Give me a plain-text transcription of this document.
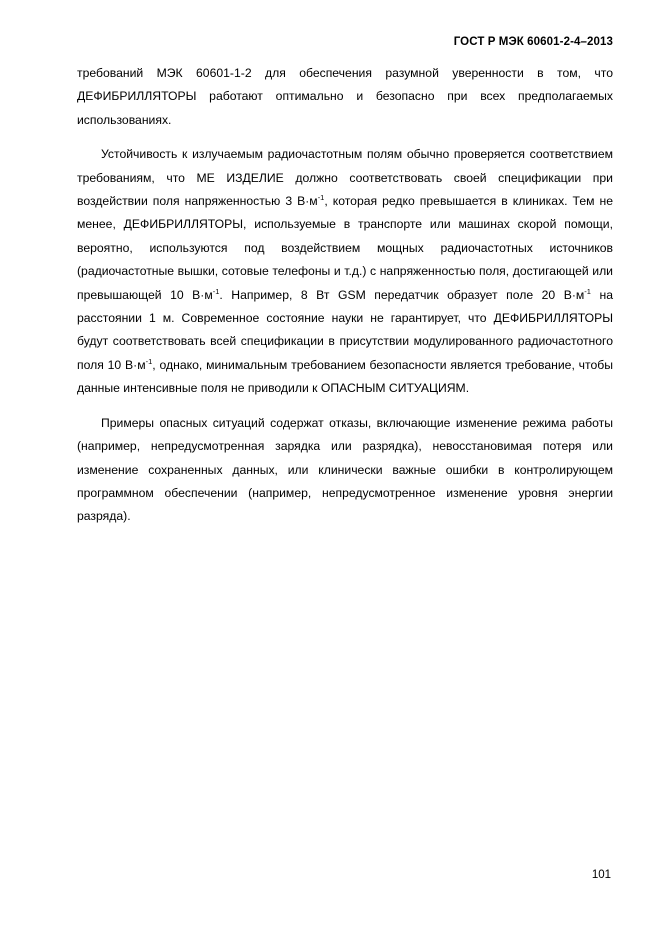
ГОСТ Р МЭК 60601-2-4–2013

требований МЭК 60601-1-2 для обеспечения разумной уверенности в том, что ДЕФИБРИЛЛЯТОРЫ работают оптимально и безопасно при всех предполагаемых использованиях.

Устойчивость к излучаемым радиочастотным полям обычно проверяется соответствием требованиям, что МЕ ИЗДЕЛИЕ должно соответствовать своей спецификации при воздействии поля напряженностью 3 $В\cdot м^{-1}$, которая редко превышается в клиниках. Тем не менее, ДЕФИБРИЛЛЯТОРЫ, используемые в транспорте или машинах скорой помощи, вероятно, используются под воздействием мощных радиочастотных источников (радиочастотные вышки, сотовые телефоны и т.д.) с напряженностью поля, достигающей или превышающей 10 $В\cdot м^{-1}$. Например, 8 Вт GSM передатчик образует поле 20 $В\cdot м^{-1}$ на расстоянии 1 м. Современное состояние науки не гарантирует, что ДЕФИБРИЛЛЯТОРЫ будут соответствовать всей спецификации в присутствии модулированного радиочастотного поля 10 $В\cdot м^{-1}$, однако, минимальным требованием безопасности является требование, чтобы данные интенсивные поля не приводили к ОПАСНЫМ СИТУАЦИЯМ.

Примеры опасных ситуаций содержат отказы, включающие изменение режима работы (например, непредусмотренная зарядка или разрядка), невосстановимая потеря или изменение сохраненных данных, или клинически важные ошибки в контролирующем программном обеспечении (например, непредусмотренное изменение уровня энергии разряда).

101
